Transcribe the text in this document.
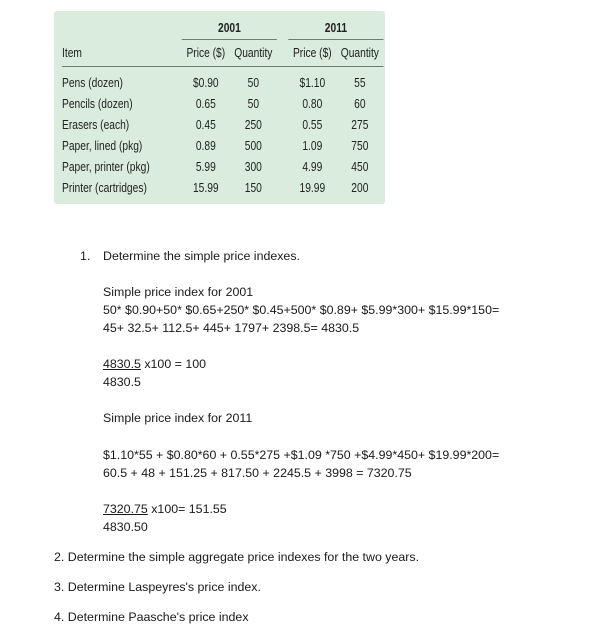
		2001			2011	
Item		Price ($)	Quantity		Price ($)	Quantity

Pens (dozen)		$0.90	50		$1.10	55
Pencils (dozen)		0.65	50		0.80	60
Erasers (each)		0.45	250		0.55	275
Paper, lined (pkg)		0.89	500		1.09	750
Paper, printer (pkg)		5.99	300		4.99	450
Printer (cartridges)		15.99	150		19.99	200
1. Determine the simple price indexes.
Simple price index for 2001
50* $0.90+50* $0.65+250* $0.45+500* $0.89+ $5.99*300+ $15.99*150=
45+ 32.5+ 112.5+ 445+ 1797+ 2398.5= 4830.5
4830.5 x100 = 100
4830.5
Simple price index for 2011
$1.10*55 + $0.80*60 + 0.55*275 +$1.09 *750 +$4.99*450+ $19.99*200=
60.5 + 48 + 151.25 + 817.50 + 2245.5 + 3998 = 7320.75
7320.75 x100= 151.55
4830.50
2. Determine the simple aggregate price indexes for the two years.
3. Determine Laspeyres's price index.
4. Determine Paasche's price index
